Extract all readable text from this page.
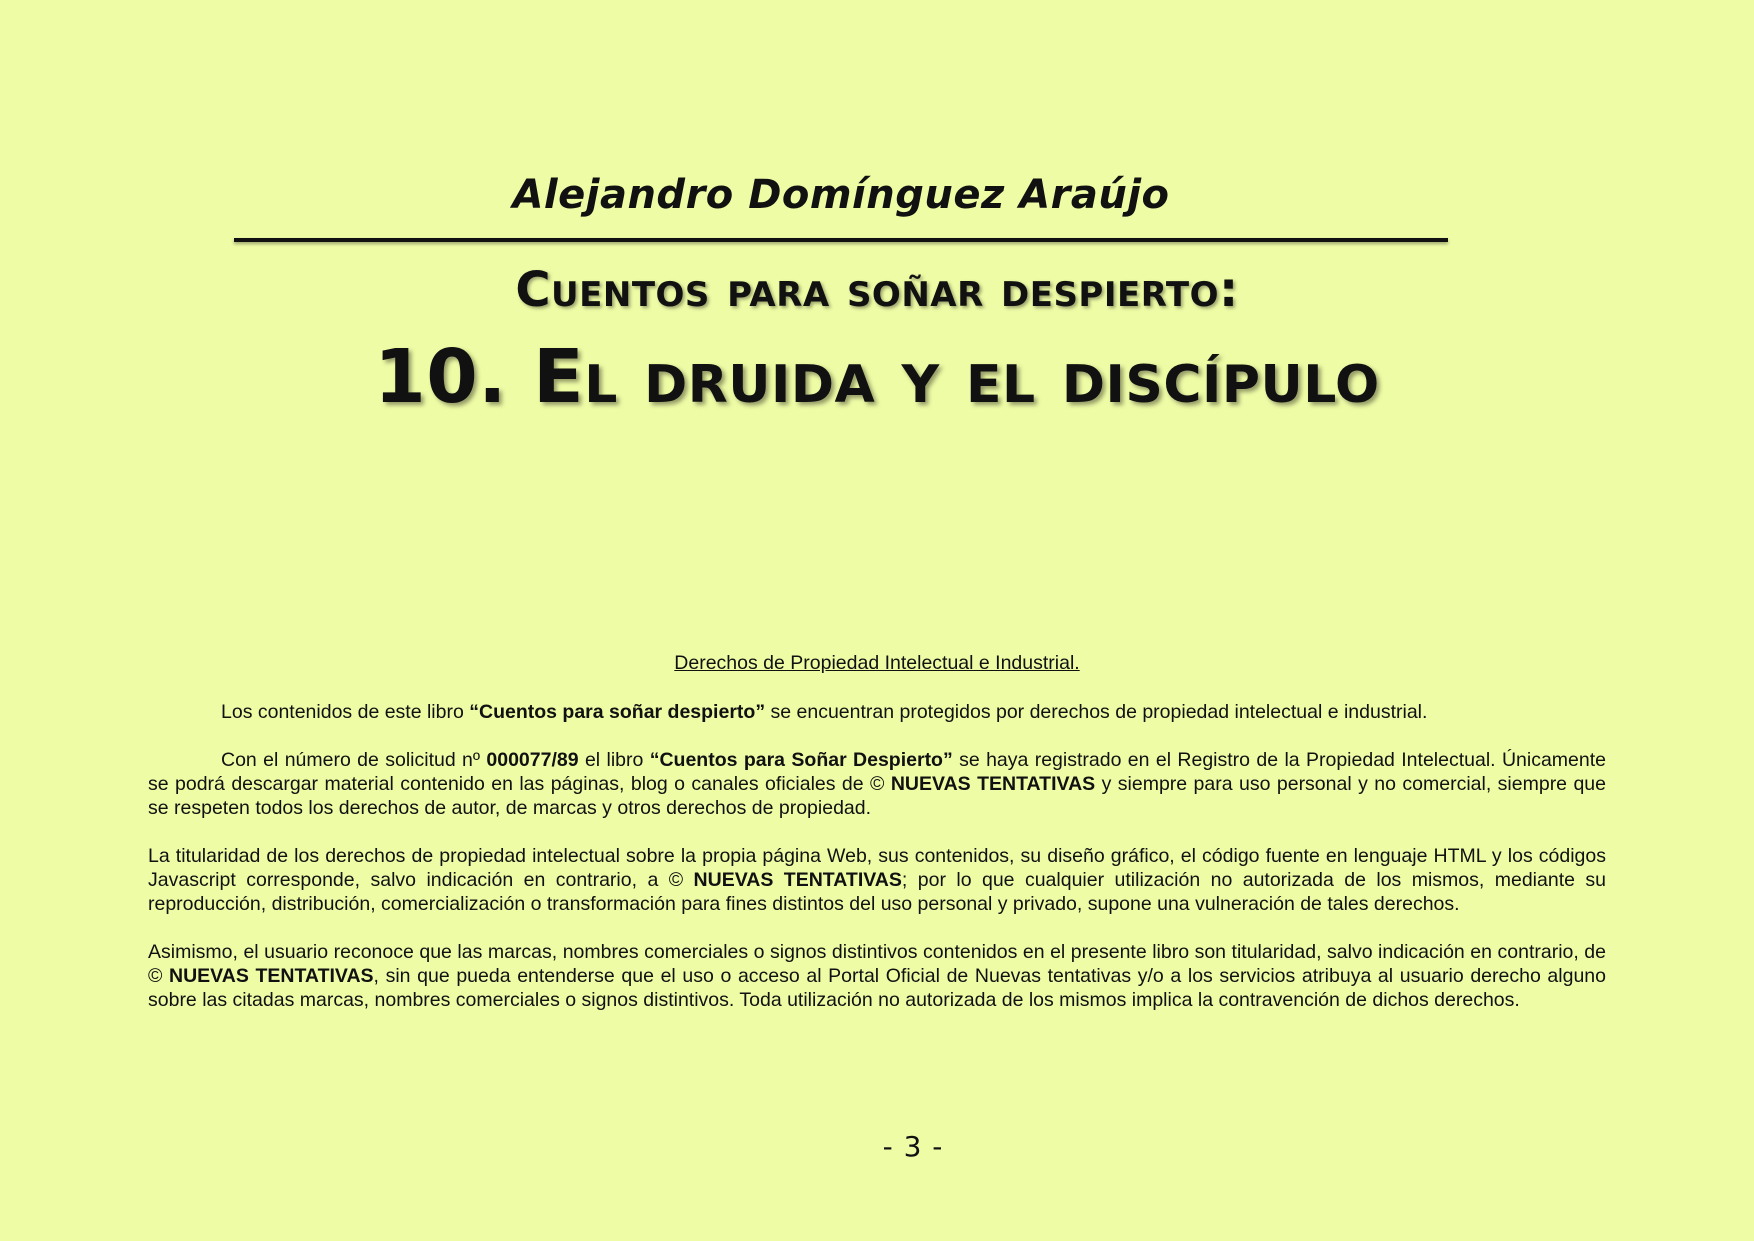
Alejandro Domínguez Araújo
Cuentos para soñar despierto:
10. El druida y el discípulo

Derechos de Propiedad Intelectual e Industrial.

Los contenidos de este libro “Cuentos para soñar despierto” se encuentran protegidos por derechos de propiedad intelectual e industrial.

Con el número de solicitud nº 000077/89 el libro “Cuentos para Soñar Despierto” se haya registrado en el Registro de la Propiedad Intelectual. Únicamente se podrá descargar material contenido en las páginas, blog o canales oficiales de © NUEVAS TENTATIVAS y siempre para uso personal y no comercial, siempre que se respeten todos los derechos de autor, de marcas y otros derechos de propiedad.

La titularidad de los derechos de propiedad intelectual sobre la propia página Web, sus contenidos, su diseño gráfico, el código fuente en lenguaje HTML y los códigos Javascript corresponde, salvo indicación en contrario, a © NUEVAS TENTATIVAS; por lo que cualquier utilización no autorizada de los mismos, mediante su reproducción, distribución, comercialización o transformación para fines distintos del uso personal y privado, supone una vulneración de tales derechos.

Asimismo, el usuario reconoce que las marcas, nombres comerciales o signos distintivos contenidos en el presente libro son titularidad, salvo indicación en contrario, de © NUEVAS TENTATIVAS, sin que pueda entenderse que el uso o acceso al Portal Oficial de Nuevas tentativas y/o a los servicios atribuya al usuario derecho alguno sobre las citadas marcas, nombres comerciales o signos distintivos. Toda utilización no autorizada de los mismos implica la contravención de dichos derechos.

- 3 -
